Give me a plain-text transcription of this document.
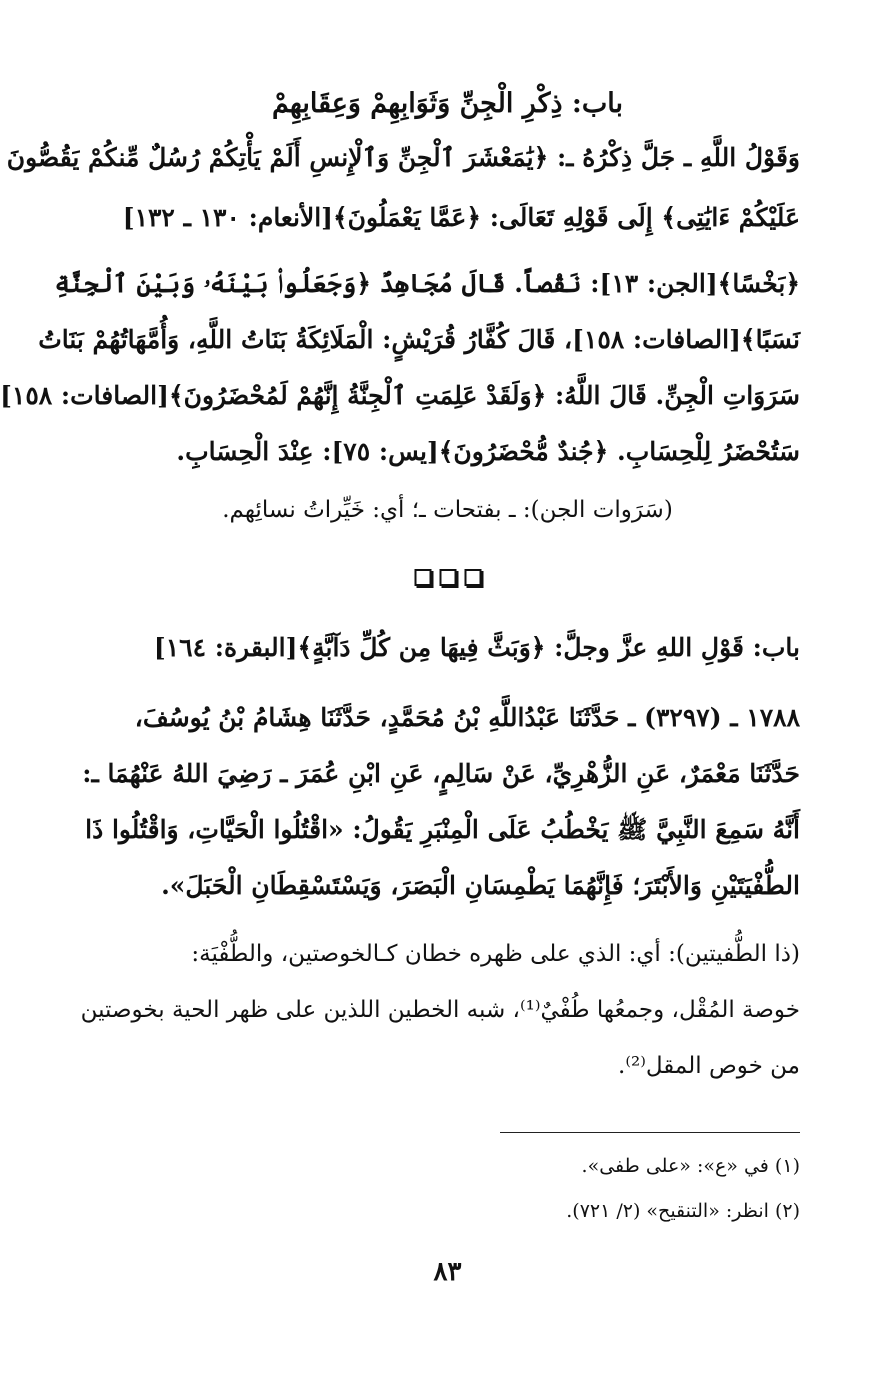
باب: ذِكْرِ الْجِنِّ وَثَوَابِهِمْ وَعِقَابِهِمْ
وَقَوْلُ اللَّهِ ـ جَلَّ ذِكْرُهُ ـ: ﴿يَٰمَعْشَرَ ٱلْجِنِّ وَٱلْإِنسِ أَلَمْ يَأْتِكُمْ رُسُلٌ مِّنكُمْ يَقُصُّونَ
عَلَيْكُمْ ءَايَٰتِى﴾ إِلَى قَوْلِهِ تَعَالَى: ﴿عَمَّا يَعْمَلُونَ﴾[الأنعام: ١٣٠ ـ ١٣٢]
﴿بَخْسًا﴾[الجن: ١٣]: نَقْصاً. قَالَ مُجَاهِدٌ ﴿وَجَعَلُوا۟ بَيْنَهُۥ وَبَيْنَ ٱلْجِنَّةِ
نَسَبًا﴾[الصافات: ١٥٨]، قَالَ كُفَّارُ قُرَيْشٍ: الْمَلَائِكَةُ بَنَاتُ اللَّهِ، وَأُمَّهَاتُهُمْ بَنَاتُ
سَرَوَاتِ الْجِنِّ. قَالَ اللَّهُ: ﴿وَلَقَدْ عَلِمَتِ ٱلْجِنَّةُ إِنَّهُمْ لَمُحْضَرُونَ﴾[الصافات: ١٥٨]
سَتُحْضَرُ لِلْحِسَابِ. ﴿جُندٌ مُّحْضَرُونَ﴾[يس: ٧٥]: عِنْدَ الْحِسَابِ.
(سَرَوات الجن): ـ بفتحات ـ؛ أي: خَيِّراتُ نسائِهم.
باب: قَوْلِ اللهِ عزَّ وجلَّ: ﴿وَبَثَّ فِيهَا مِن كُلِّ دَآبَّةٍ﴾[البقرة: ١٦٤]
١٧٨٨ ـ (٣٢٩٧) ـ حَدَّثَنَا عَبْدُاللَّهِ بْنُ مُحَمَّدٍ، حَدَّثَنَا هِشَامُ بْنُ يُوسُفَ،
حَدَّثَنَا مَعْمَرٌ، عَنِ الزُّهْرِيِّ، عَنْ سَالِمٍ، عَنِ ابْنِ عُمَرَ ـ رَضِيَ اللهُ عَنْهُمَا ـ:
أَنَّهُ سَمِعَ النَّبِيَّ ﷺ يَخْطُبُ عَلَى الْمِنْبَرِ يَقُولُ: «اقْتُلُوا الْحَيَّاتِ، وَاقْتُلُوا ذَا
الطُّفْيَتَيْنِ وَالأَبْتَرَ؛ فَإِنَّهُمَا يَطْمِسَانِ الْبَصَرَ، وَيَسْتَسْقِطَانِ الْحَبَلَ».
(ذا الطُّفيتين): أي: الذي على ظهره خطان كـالخوصتين، والطُّفْيَة:
خوصة المُقْل، وجمعُها طُفْيٌ⁽¹⁾، شبه الخطين اللذين على ظهر الحية بخوصتين
من خوص المقل⁽²⁾.
(١) في «ع»: «على طفى».
(٢) انظر: «التنقيح» (٢/ ٧٢١).
٨٣
